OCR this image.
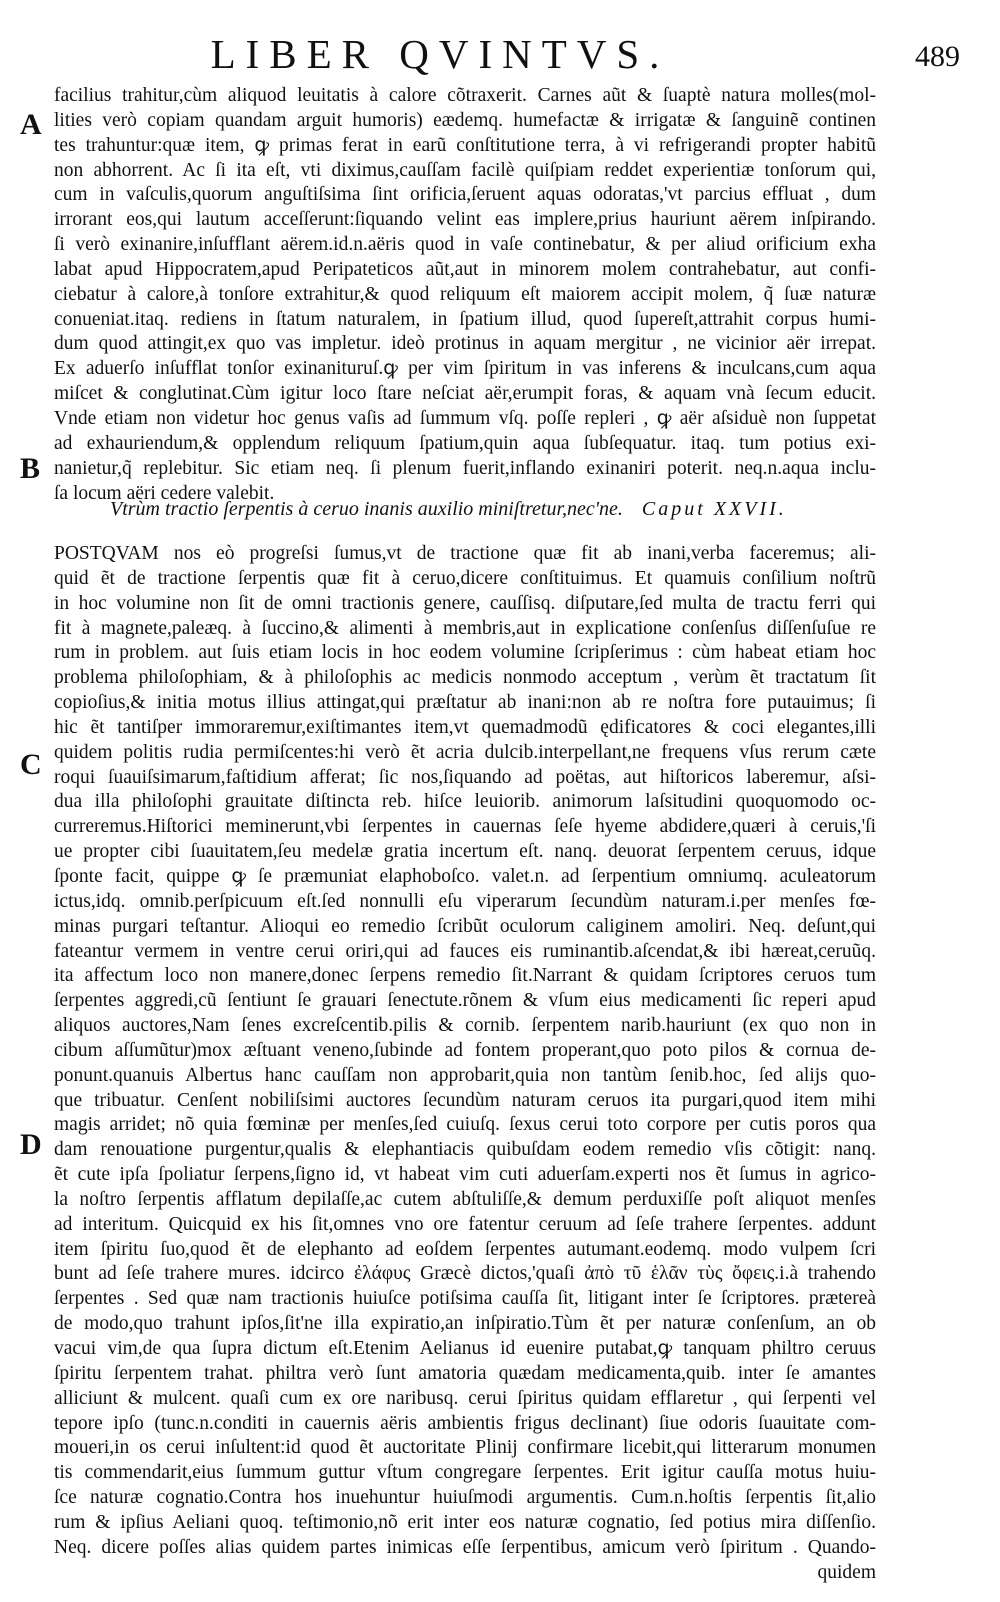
LIBER QVINTVS.	489
A
B
C
D
facilius trahitur,cùm aliquod leuitatis à calore cõtraxerit. Carnes aũt & ſuaptè natura molles(mol-
lities verò copiam quandam arguit humoris) eædemq. humefactæ & irrigatæ & ſanguinẽ continen
tes trahuntur:quæ item, ꝙ primas ferat in earũ conſtitutione terra, à vi refrigerandi propter habitũ
non abhorrent. Ac ſi ita eſt, vti diximus,cauſſam facilè quiſpiam reddet experientiæ tonſorum qui,
cum in vaſculis,quorum anguſtiſsima ſint orificia,ſeruent aquas odoratas,'vt parcius effluat , dum
irrorant eos,qui lautum acceſſerunt:ſiquando velint eas implere,prius hauriunt aërem inſpirando.
ſi verò exinanire,inſufflant aërem.id.n.aëris quod in vaſe continebatur, & per aliud orificium exha
labat apud Hippocratem,apud Peripateticos aũt,aut in minorem molem contrahebatur, aut confi-
ciebatur à calore,à tonſore extrahitur,& quod reliquum eſt maiorem accipit molem, q̃ ſuæ naturæ
conueniat.itaq. rediens in ſtatum naturalem, in ſpatium illud, quod ſupereſt,attrahit corpus humi-
dum quod attingit,ex quo vas impletur. ideò protinus in aquam mergitur , ne vicinior aër irrepat.
Ex aduerſo inſufflat tonſor exinanituruſ.ꝙ per vim ſpiritum in vas inferens & inculcans,cum aqua
miſcet & conglutinat.Cùm igitur loco ſtare neſciat aër,erumpit foras, & aquam vnà ſecum educit.
Vnde etiam non videtur hoc genus vaſis ad ſummum vſq. poſſe repleri , ꝙ aër aſsiduè non ſuppetat
ad exhauriendum,& opplendum reliquum ſpatium,quin aqua ſubſequatur. itaq. tum potius exi-
nanietur,q̃ replebitur. Sic etiam neq. ſi plenum fuerit,inflando exinaniri poterit. neq.n.aqua inclu-
ſa locum aëri cedere valebit.
Vtrùm tractio ſerpentis à ceruo inanis auxilio miniſtretur,nec'ne. Caput XXVII.
POSTQVAM nos eò progreſsi ſumus,vt de tractione quæ fit ab inani,verba faceremus; ali-
quid ẽt de tractione ſerpentis quæ fit à ceruo,dicere conſtituimus. Et quamuis conſilium noſtrũ
in hoc volumine non ſit de omni tractionis genere, cauſſisq. diſputare,ſed multa de tractu ferri qui
fit à magnete,paleæq. à ſuccino,& alimenti à membris,aut in explicatione conſenſus diſſenſuſue re
rum in problem. aut ſuis etiam locis in hoc eodem volumine ſcripſerimus : cùm habeat etiam hoc
problema philoſophiam, & à philoſophis ac medicis nonmodo acceptum , verùm ẽt tractatum ſit
copioſius,& initia motus illius attingat,qui præſtatur ab inani:non ab re noſtra fore putauimus; ſi
hic ẽt tantiſper immoraremur,exiſtimantes item,vt quemadmodũ ędificatores & coci elegantes,illi
quidem politis rudia permiſcentes:hi verò ẽt acria dulcib.interpellant,ne frequens vſus rerum cæte
roqui ſuauiſsimarum,faſtidium afferat; ſic nos,ſiquando ad poëtas, aut hiſtoricos laberemur, aſsi-
dua illa philoſophi grauitate diſtincta reb. hiſce leuiorib. animorum laſsitudini quoquomodo oc-
curreremus.Hiſtorici meminerunt,vbi ſerpentes in cauernas ſeſe hyeme abdidere,quæri à ceruis,'ſi
ue propter cibi ſuauitatem,ſeu medelæ gratia incertum eſt. nanq. deuorat ſerpentem ceruus, idque
ſponte facit, quippe ꝙ ſe præmuniat elaphoboſco. valet.n. ad ſerpentium omniumq. aculeatorum
ictus,idq. omnib.perſpicuum eſt.ſed nonnulli eſu viperarum ſecundùm naturam.i.per menſes fœ-
minas purgari teſtantur. Alioqui eo remedio ſcribũt oculorum caliginem amoliri. Neq. deſunt,qui
fateantur vermem in ventre cerui oriri,qui ad fauces eis ruminantib.aſcendat,& ibi hæreat,ceruũq.
ita affectum loco non manere,donec ſerpens remedio ſit.Narrant & quidam ſcriptores ceruos tum
ſerpentes aggredi,cũ ſentiunt ſe grauari ſenectute.rõnem & vſum eius medicamenti ſic reperi apud
aliquos auctores,Nam ſenes excreſcentib.pilis & cornib. ſerpentem narib.hauriunt (ex quo non in
cibum aſſumũtur)mox æſtuant veneno,ſubinde ad fontem properant,quo poto pilos & cornua de-
ponunt.quanuis Albertus hanc cauſſam non approbarit,quia non tantùm ſenib.hoc, ſed alijs quo-
que tribuatur. Cenſent nobiliſsimi auctores ſecundùm naturam ceruos ita purgari,quod item mihi
magis arridet; nõ quia fœminæ per menſes,ſed cuiuſq. ſexus cerui toto corpore per cutis poros qua
dam renouatione purgentur,qualis & elephantiacis quibuſdam eodem remedio vſis cõtigit: nanq.
ẽt cute ipſa ſpoliatur ſerpens,ſigno id, vt habeat vim cuti aduerſam.experti nos ẽt ſumus in agrico-
la noſtro ſerpentis afflatum depilaſſe,ac cutem abſtuliſſe,& demum perduxiſſe poſt aliquot menſes
ad interitum. Quicquid ex his ſit,omnes vno ore fatentur ceruum ad ſeſe trahere ſerpentes. addunt
item ſpiritu ſuo,quod ẽt de elephanto ad eoſdem ſerpentes autumant.eodemq. modo vulpem ſcri
bunt ad ſeſe trahere mures. idcirco ἐλάφυς Græcè dictos,'quaſi ἀπὸ τῦ ἑλᾶν τὺς ὄφεις.i.à trahendo
ſerpentes . Sed quæ nam tractionis huiuſce potiſsima cauſſa ſit, litigant inter ſe ſcriptores. prætereà
de modo,quo trahunt ipſos,ſit'ne illa expiratio,an inſpiratio.Tùm ẽt per naturæ conſenſum, an ob
vacui vim,de qua ſupra dictum eſt.Etenim Aelianus id euenire putabat,ꝙ tanquam philtro ceruus
ſpiritu ſerpentem trahat. philtra verò ſunt amatoria quædam medicamenta,quib. inter ſe amantes
alliciunt & mulcent. quaſi cum ex ore naribusq. cerui ſpiritus quidam efflaretur , qui ſerpenti vel
tepore ipſo (tunc.n.conditi in cauernis aëris ambientis frigus declinant) ſiue odoris ſuauitate com-
moueri,in os cerui inſultent:id quod ẽt auctoritate Plinij confirmare licebit,qui litterarum monumen
tis commendarit,eius ſummum guttur vſtum congregare ſerpentes. Erit igitur cauſſa motus huiu-
ſce naturæ cognatio.Contra hos inuehuntur huiuſmodi argumentis. Cum.n.hoſtis ſerpentis ſit,alio
rum & ipſius Aeliani quoq. teſtimonio,nõ erit inter eos naturæ cognatio, ſed potius mira diſſenſio.
Neq. dicere poſſes alias quidem partes inimicas eſſe ſerpentibus, amicum verò ſpiritum . Quando-
quidem
